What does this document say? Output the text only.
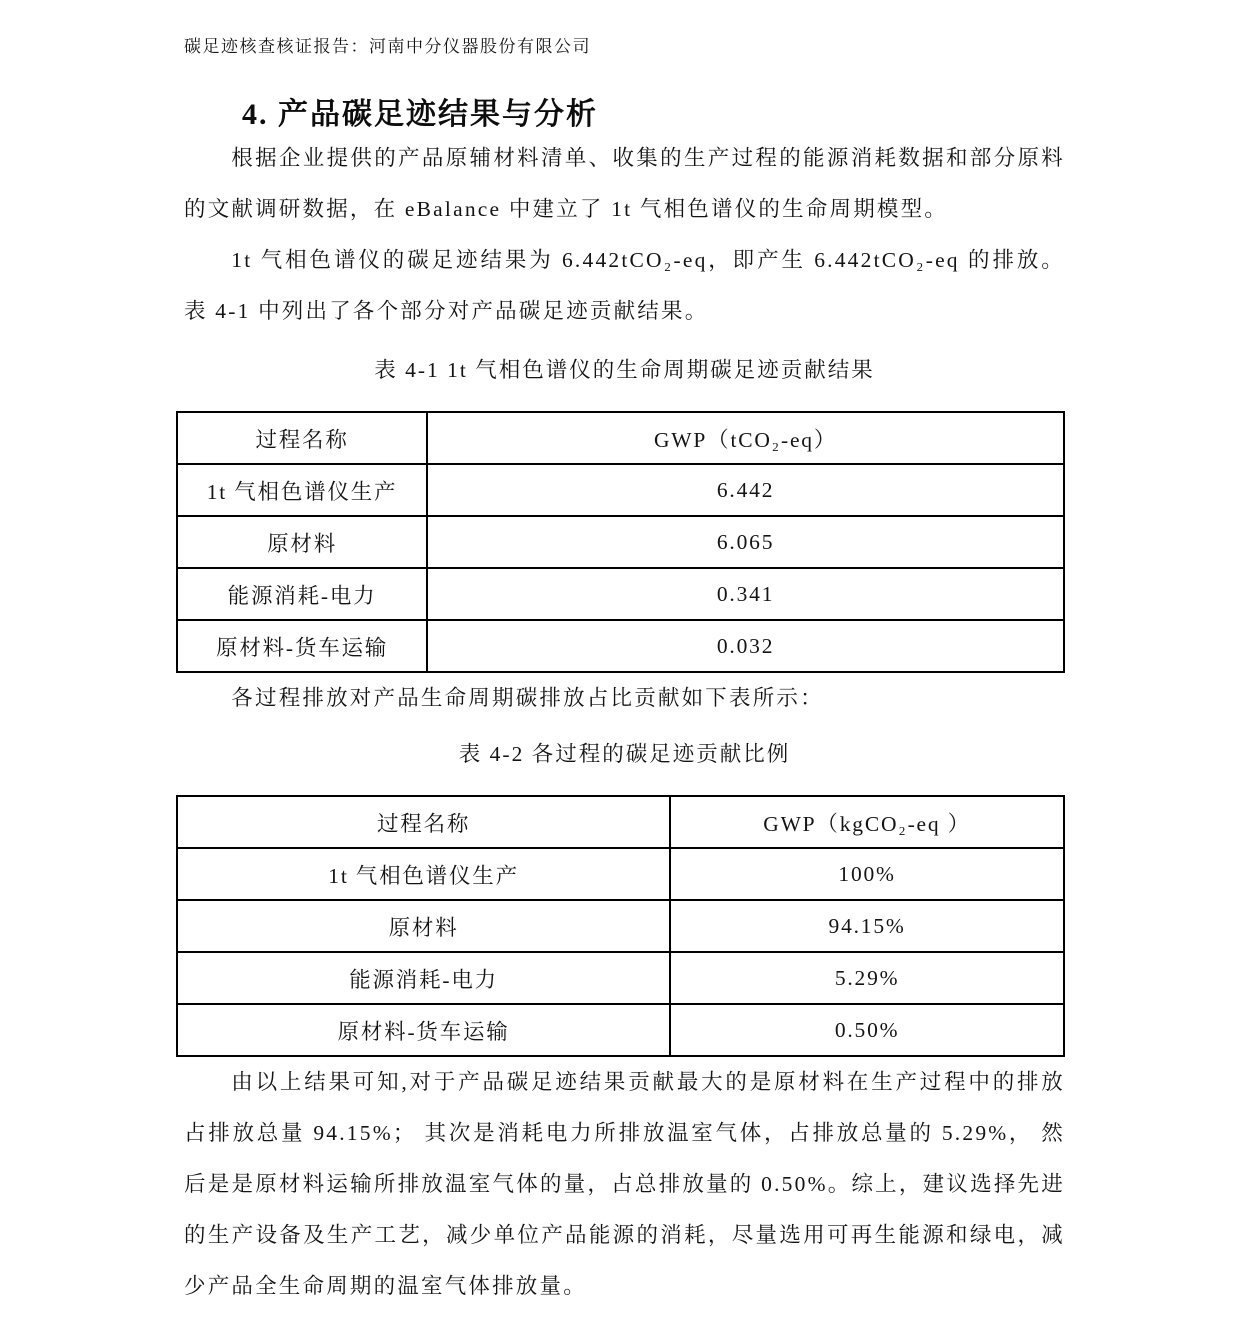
碳足迹核查核证报告：河南中分仪器股份有限公司
4. 产品碳足迹结果与分析

根据企业提供的产品原辅材料清单、收集的生产过程的能源消耗数据和部分原料的文献调研数据，在 eBalance 中建立了 1t 气相色谱仪的生命周期模型。

1t 气相色谱仪的碳足迹结果为 6.442tCO₂-eq，即产生 6.442tCO₂-eq 的排放。表 4-1 中列出了各个部分对产品碳足迹贡献结果。

表 4-1 1t 气相色谱仪的生命周期碳足迹贡献结果

过程名称	GWP（tCO₂-eq）
1t 气相色谱仪生产	6.442
原材料	6.065
能源消耗-电力	0.341
原材料-货车运输	0.032

各过程排放对产品生命周期碳排放占比贡献如下表所示：

表 4-2 各过程的碳足迹贡献比例

过程名称	GWP（kgCO₂-eq ）
1t 气相色谱仪生产	100%
原材料	94.15%
能源消耗-电力	5.29%
原材料-货车运输	0.50%

由以上结果可知,对于产品碳足迹结果贡献最大的是原材料在生产过程中的排放占排放总量 94.15%； 其次是消耗电力所排放温室气体，占排放总量的 5.29%， 然后是是原材料运输所排放温室气体的量，占总排放量的 0.50%。综上，建议选择先进的生产设备及生产工艺，减少单位产品能源的消耗，尽量选用可再生能源和绿电，减少产品全生命周期的温室气体排放量。
